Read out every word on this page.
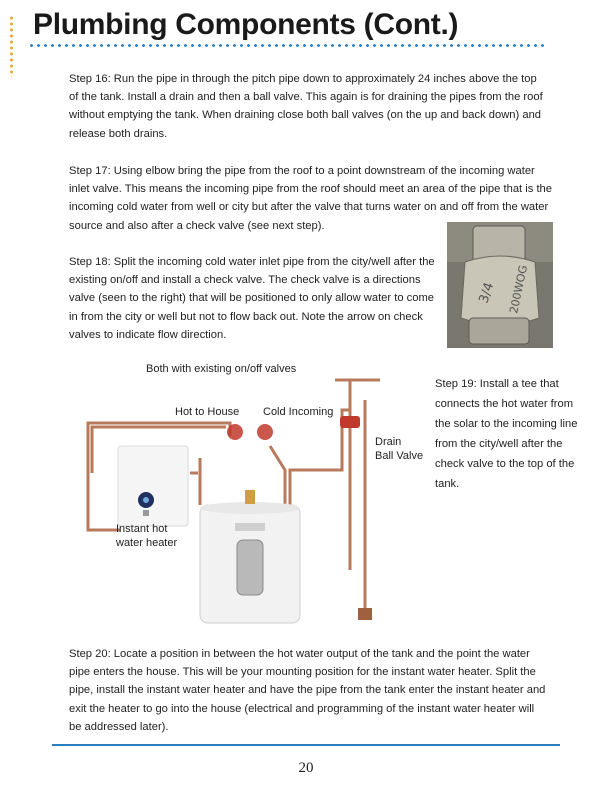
Plumbing Components (Cont.)

Step 16: Run the pipe in through the pitch pipe down to approximately 24 inches above the top of the tank. Install a drain and then a ball valve. This again is for draining the pipes from the roof without emptying the tank. When draining close both ball valves (on the up and back down) and release both drains.

Step 17: Using elbow bring the pipe from the roof to a point downstream of the incoming water inlet valve. This means the incoming pipe from the roof should meet an area of the pipe that is the incoming cold water from well or city but after the valve that turns water on and off from the water source and also after a check valve (see next step).

Step 18: Split the incoming cold water inlet pipe from the city/well after the existing on/off and install a check valve. The check valve is a directions valve (seen to the right) that will be positioned to only allow water to come in from the city or well but not to flow back out. Note the arrow on check valves to indicate flow direction.

3/4 200WOG

Both with existing on/off valves

Hot to House Cold Incoming

Drain

Ball Valve

Instant hot

water heater

Step 19: Install a tee that connects the hot water from the solar to the incoming line from the city/well after the check valve to the top of the tank.

Step 20: Locate a position in between the hot water output of the tank and the point the water pipe enters the house. This will be your mounting position for the instant water heater. Split the pipe, install the instant water heater and have the pipe from the tank enter the instant heater and exit the heater to go into the house (electrical and programming of the instant water heater will be addressed later).

20
